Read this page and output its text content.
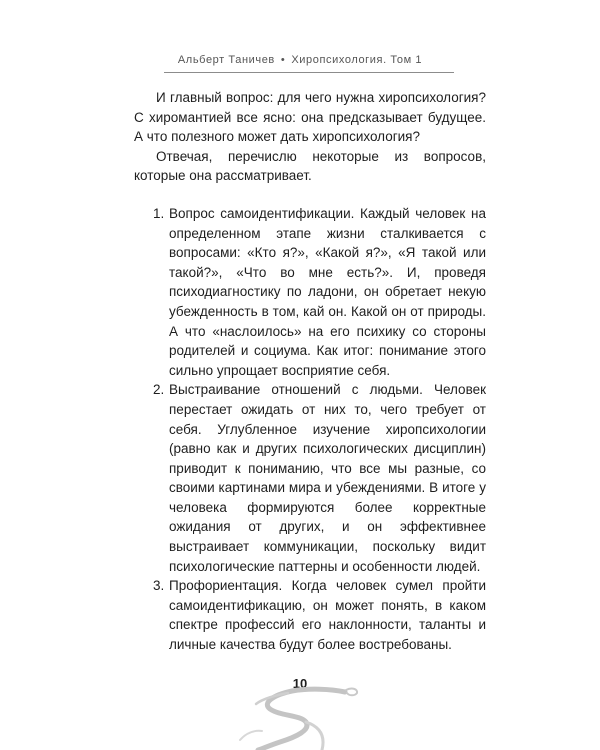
Альберт Таничев • Хиропсихология. Том 1

И главный вопрос: для чего нужна хиропсихология? С хиромантией все ясно: она предсказывает будущее. А что полезного может дать хиропсихология?

Отвечая, перечислю некоторые из вопросов, которые она рассматривает.

1. Вопрос самоидентификации. Каждый человек на определенном этапе жизни сталкивается с вопросами: «Кто я?», «Какой я?», «Я такой или такой?», «Что во мне есть?». И, проведя психодиагностику по ладони, он обретает некую убежденность в том, кай он. Какой он от природы. А что «наслоилось» на его психику со стороны родителей и социума. Как итог: понимание этого сильно упрощает восприятие себя.
2. Выстраивание отношений с людьми. Человек перестает ожидать от них то, чего требует от себя. Углубленное изучение хиропсихологии (равно как и других психологических дисциплин) приводит к пониманию, что все мы разные, со своими картинами мира и убеждениями. В итоге у человека формируются более корректные ожидания от других, и он эффективнее выстраивает коммуникации, поскольку видит психологические паттерны и особенности людей.
3. Профориентация. Когда человек сумел пройти самоидентификацию, он может понять, в каком спектре профессий его наклонности, таланты и личные качества будут более востребованы.
10
